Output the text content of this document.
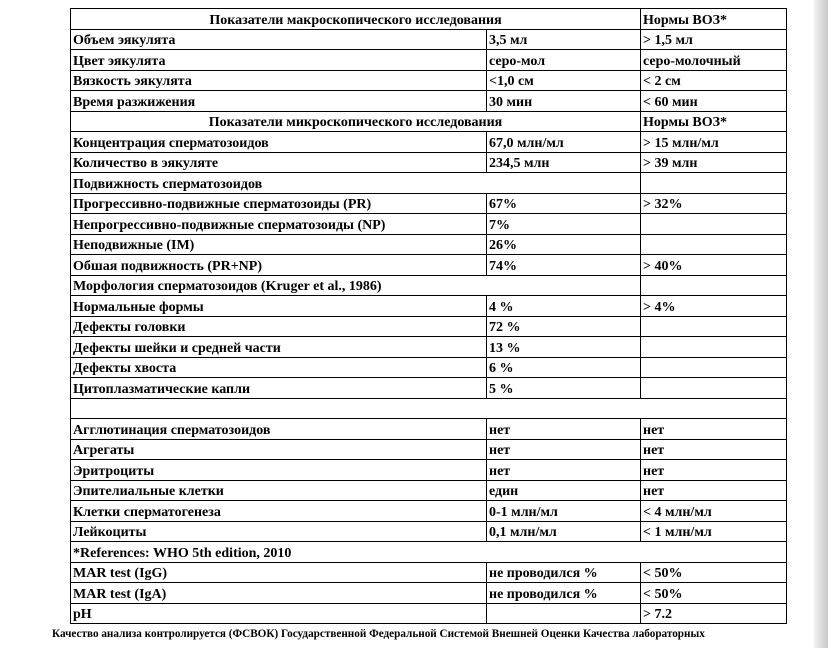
Показатели макроскопического исследования		Нормы ВОЗ*
Объем эякулята	3,5 мл	> 1,5 мл
Цвет эякулята	серо-мол	серо-молочный
Вязкость эякулята	<1,0 см	< 2 см
Время разжижения	30 мин	< 60 мин
Показатели микроскопического исследования		Нормы ВОЗ*
Концентрация сперматозоидов	67,0 млн/мл	> 15 млн/мл
Количество в эякуляте	234,5 млн	> 39 млн
Подвижность сперматозоидов		
Прогрессивно-подвижные сперматозоиды (PR)	67%	> 32%
Непрогрессивно-подвижные сперматозоиды (NP)	7%	
Неподвижные (IM)	26%	
Обшая подвижность (PR+NP)	74%	> 40%
Морфология сперматозоидов (Kruger et al., 1986)		
Нормальные формы	4 %	> 4%
Дефекты головки	72 %	
Дефекты шейки и средней части	13 %	
Дефекты хвоста	6 %	
Цитоплазматические капли	5 %	

Агглютинация сперматозоидов	нет	нет
Агрегаты	нет	нет
Эритроциты	нет	нет
Эпителиальные клетки	един	нет
Клетки сперматогенеза	0-1 млн/мл	< 4 млн/мл
Лейкоциты	0,1 млн/мл	< 1 млн/мл
*References: WHO 5th edition, 2010		
MAR test (IgG)	не проводился %	< 50%
MAR test (IgA)	не проводился %	< 50%
pH		> 7.2
Качество анализа контролируется (ФСВОК) Государственной Федеральной Системой Внешней Оценки Качества лабораторных
